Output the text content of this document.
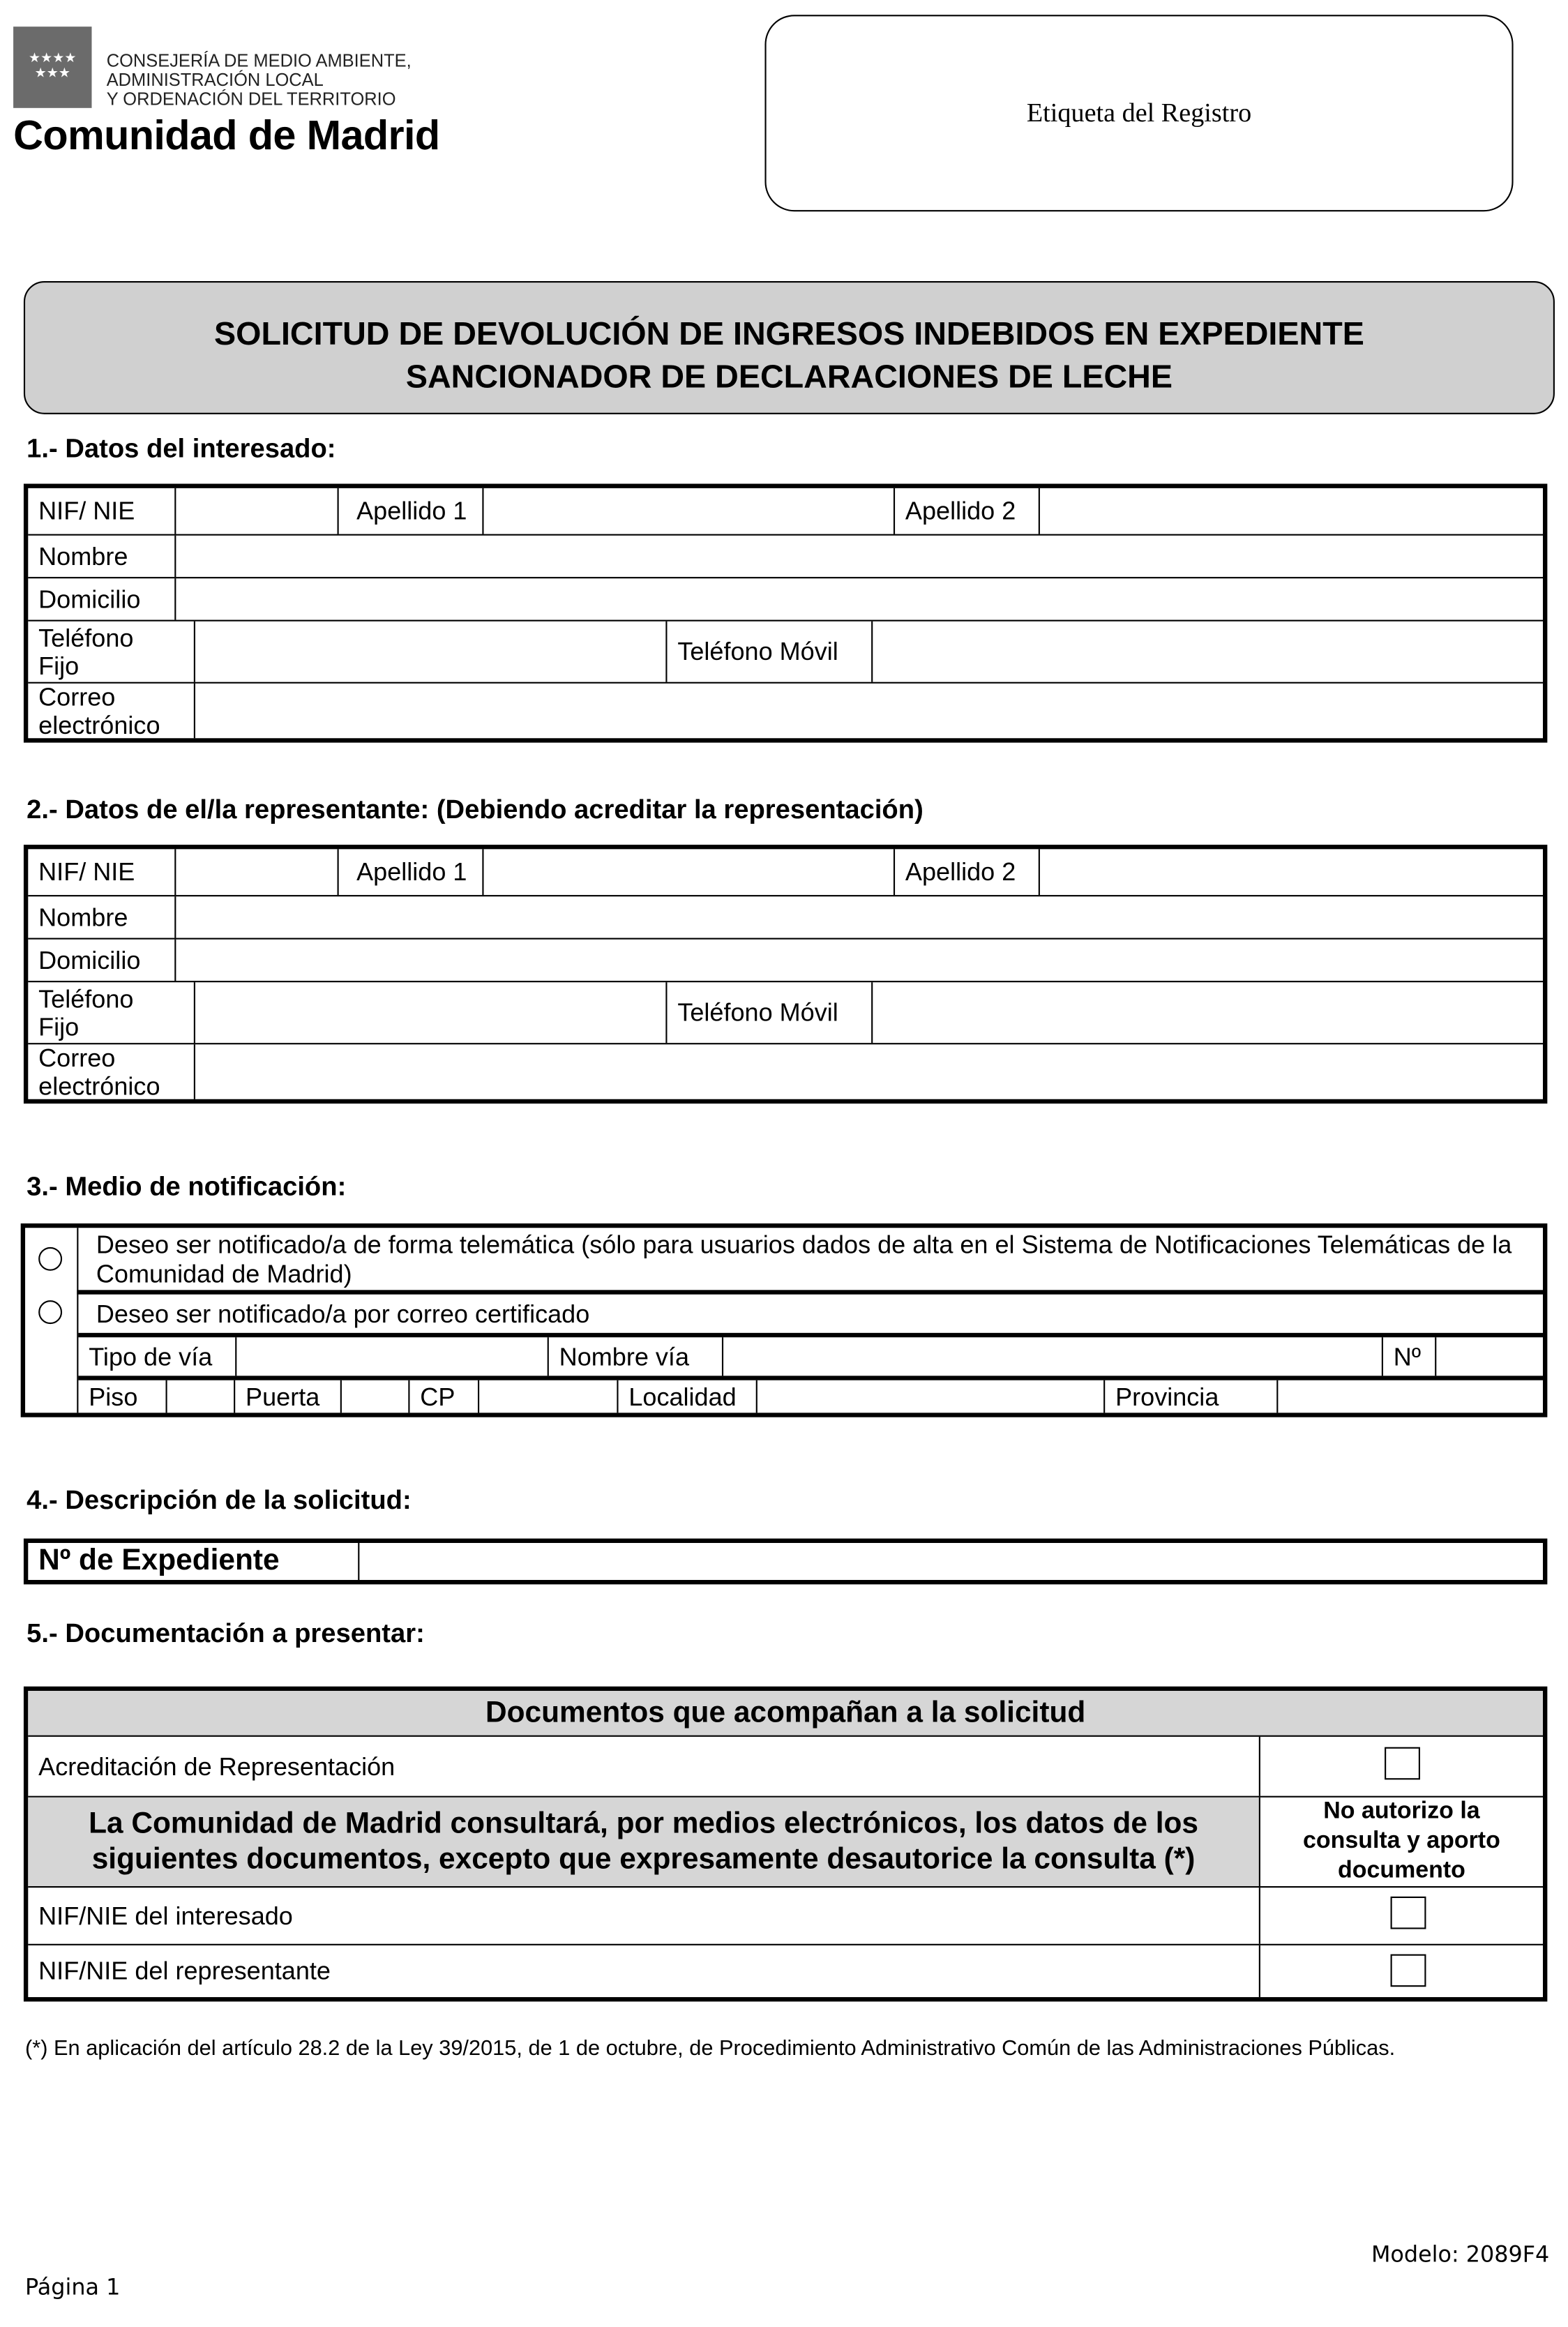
★★★★
★★★
CONSEJERÍA DE MEDIO AMBIENTE,
ADMINISTRACIÓN LOCAL
Y ORDENACIÓN DEL TERRITORIO
Comunidad de Madrid	Etiqueta del Registro
SOLICITUD DE DEVOLUCIÓN DE INGRESOS INDEBIDOS EN EXPEDIENTE
SANCIONADOR DE DECLARACIONES DE LECHE
1.- Datos del interesado:
NIF/ NIE	Apellido 1	Apellido 2
Nombre
Domicilio
Teléfono Fijo	Teléfono Móvil
Correo electrónico
2.- Datos de el/la representante: (Debiendo acreditar la representación)
NIF/ NIE	Apellido 1	Apellido 2
Nombre
Domicilio
Teléfono Fijo	Teléfono Móvil
Correo electrónico
3.- Medio de notificación:
Deseo ser notificado/a de forma telemática (sólo para usuarios dados de alta en el Sistema de Notificaciones Telemáticas de la Comunidad de Madrid)
Deseo ser notificado/a por correo certificado
Tipo de vía	Nombre vía	Nº
Piso	Puerta	CP	Localidad	Provincia
4.- Descripción de la solicitud:
Nº de Expediente
5.- Documentación a presentar:
Documentos que acompañan a la solicitud
Acreditación de Representación
La Comunidad de Madrid consultará, por medios electrónicos, los datos de los siguientes documentos, excepto que expresamente desautorice la consulta (*)
No autorizo la consulta y aporto documento
NIF/NIE del interesado
NIF/NIE del representante
(*) En aplicación del artículo 28.2 de la Ley 39/2015, de 1 de octubre, de Procedimiento Administrativo Común de las Administraciones Públicas.
Modelo: 2089F4
Página 1
